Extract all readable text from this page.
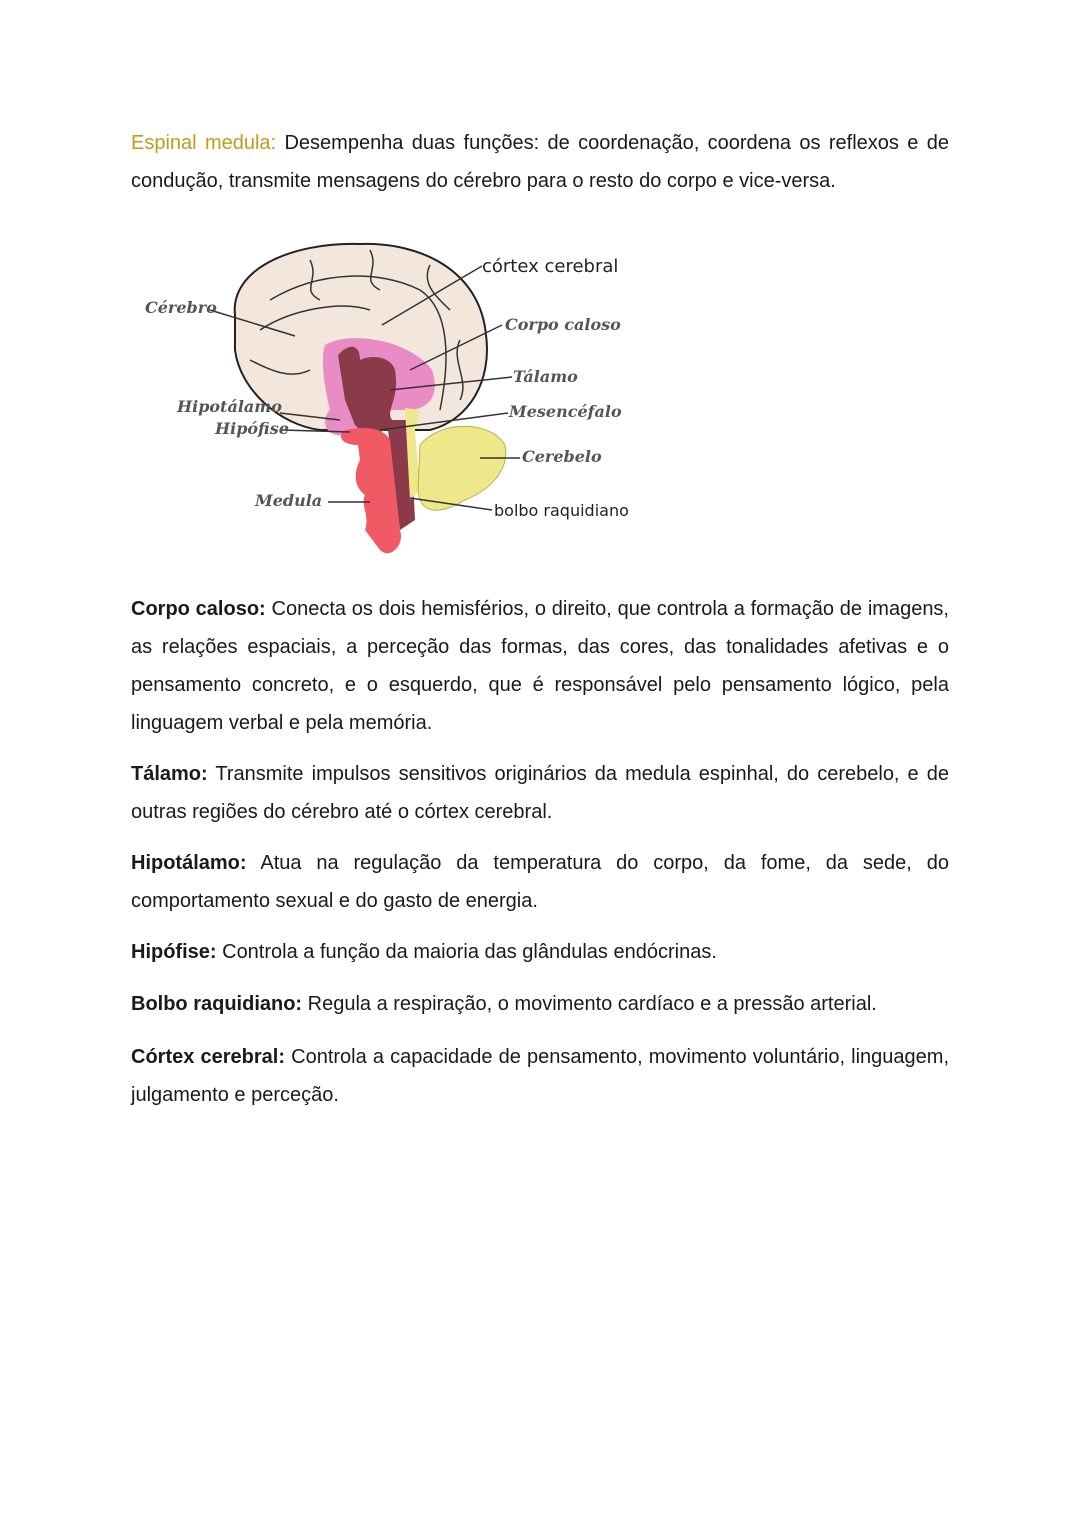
Espinal medula: Desempenha duas funções: de coordenação, coordena os reflexos e de condução, transmite mensagens do cérebro para o resto do corpo e vice-versa.

córtex cerebral
Cérebro
Corpo caloso
Tálamo
Hipotálamo
Hipófise
Mesencéfalo
Cerebelo
Medula
bolbo raquidiano

Corpo caloso: Conecta os dois hemisférios, o direito, que controla a formação de imagens, as relações espaciais, a perceção das formas, das cores, das tonalidades afetivas e o pensamento concreto, e o esquerdo, que é responsável pelo pensamento lógico, pela linguagem verbal e pela memória.

Tálamo: Transmite impulsos sensitivos originários da medula espinhal, do cerebelo, e de outras regiões do cérebro até o córtex cerebral.

Hipotálamo: Atua na regulação da temperatura do corpo, da fome, da sede, do comportamento sexual e do gasto de energia.

Hipófise: Controla a função da maioria das glândulas endócrinas.

Bolbo raquidiano: Regula a respiração, o movimento cardíaco e a pressão arterial.

Córtex cerebral: Controla a capacidade de pensamento, movimento voluntário, linguagem, julgamento e perceção.
